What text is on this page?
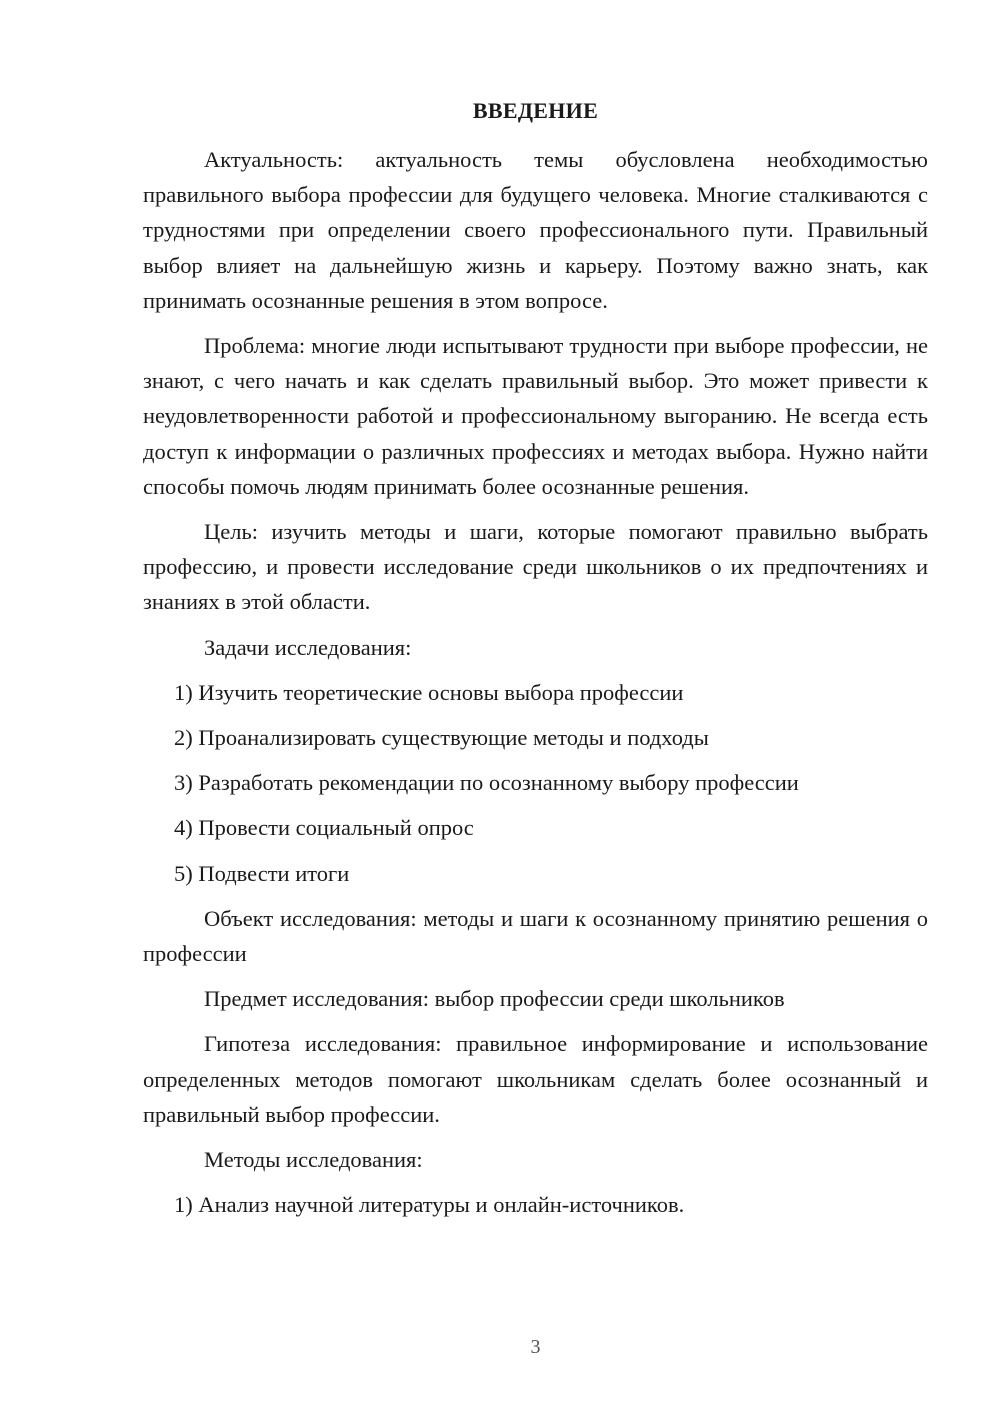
ВВЕДЕНИЕ

Актуальность: актуальность темы обусловлена необходимостью правильного выбора профессии для будущего человека. Многие сталкиваются с трудностями при определении своего профессионального пути. Правильный выбор влияет на дальнейшую жизнь и карьеру. Поэтому важно знать, как принимать осознанные решения в этом вопросе.

Проблема: многие люди испытывают трудности при выборе профессии, не знают, с чего начать и как сделать правильный выбор. Это может привести к неудовлетворенности работой и профессиональному выгоранию. Не всегда есть доступ к информации о различных профессиях и методах выбора. Нужно найти способы помочь людям принимать более осознанные решения.

Цель: изучить методы и шаги, которые помогают правильно выбрать профессию, и провести исследование среди школьников о их предпочтениях и знаниях в этой области.

Задачи исследования:

1) Изучить теоретические основы выбора профессии

2) Проанализировать существующие методы и подходы

3) Разработать рекомендации по осознанному выбору профессии

4) Провести социальный опрос

5) Подвести итоги

Объект исследования: методы и шаги к осознанному принятию решения о профессии

Предмет исследования: выбор профессии среди школьников

Гипотеза исследования: правильное информирование и использование определенных методов помогают школьникам сделать более осознанный и правильный выбор профессии.

Методы исследования:

1) Анализ научной литературы и онлайн-источников.

3
